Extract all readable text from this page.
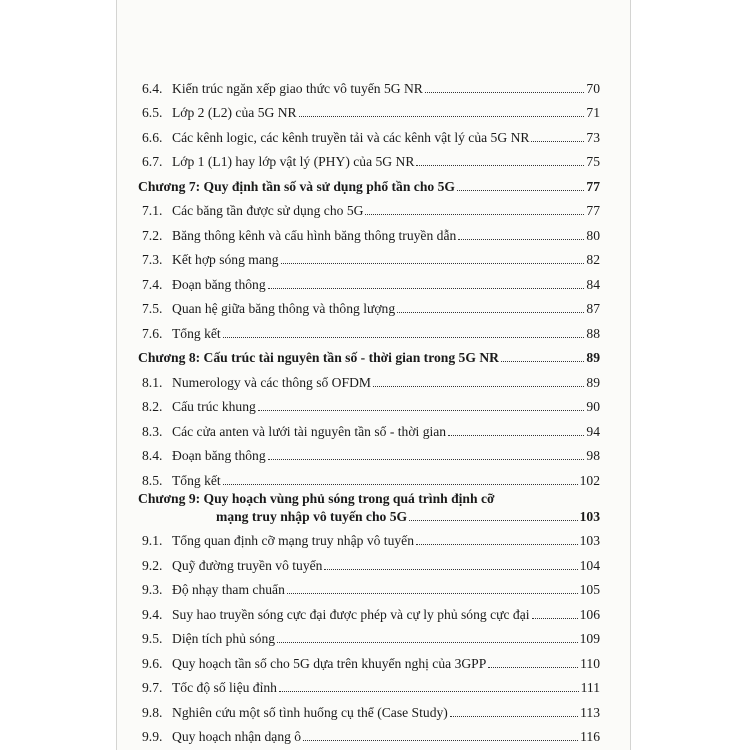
6.4. Kiến trúc ngăn xếp giao thức vô tuyến 5G NR	70
6.5. Lớp 2 (L2) của 5G NR	71
6.6. Các kênh logic, các kênh truyền tải và các kênh vật lý của 5G NR	73
6.7. Lớp 1 (L1) hay lớp vật lý (PHY) của 5G NR	75
Chương 7: Quy định tần số và sử dụng phổ tần cho 5G	77
7.1. Các băng tần được sử dụng cho 5G	77
7.2. Băng thông kênh và cấu hình băng thông truyền dẫn	80
7.3. Kết hợp sóng mang	82
7.4. Đoạn băng thông	84
7.5. Quan hệ giữa băng thông và thông lượng	87
7.6. Tổng kết	88
Chương 8: Cấu trúc tài nguyên tần số - thời gian trong 5G NR	89
8.1. Numerology và các thông số OFDM	89
8.2. Cấu trúc khung	90
8.3. Các cửa anten và lưới tài nguyên tần số - thời gian	94
8.4. Đoạn băng thông	98
8.5. Tổng kết	102
Chương 9: Quy hoạch vùng phủ sóng trong quá trình định cỡ
mạng truy nhập vô tuyến cho 5G	103
9.1. Tổng quan định cỡ mạng truy nhập vô tuyến	103
9.2. Quỹ đường truyền vô tuyến	104
9.3. Độ nhạy tham chuẩn	105
9.4. Suy hao truyền sóng cực đại được phép và cự ly phủ sóng cực đại	106
9.5. Diện tích phủ sóng	109
9.6. Quy hoạch tần số cho 5G dựa trên khuyến nghị của 3GPP	110
9.7. Tốc độ số liệu đỉnh	111
9.8. Nghiên cứu một số tình huống cụ thể (Case Study)	113
9.9. Quy hoạch nhận dạng ô	116
